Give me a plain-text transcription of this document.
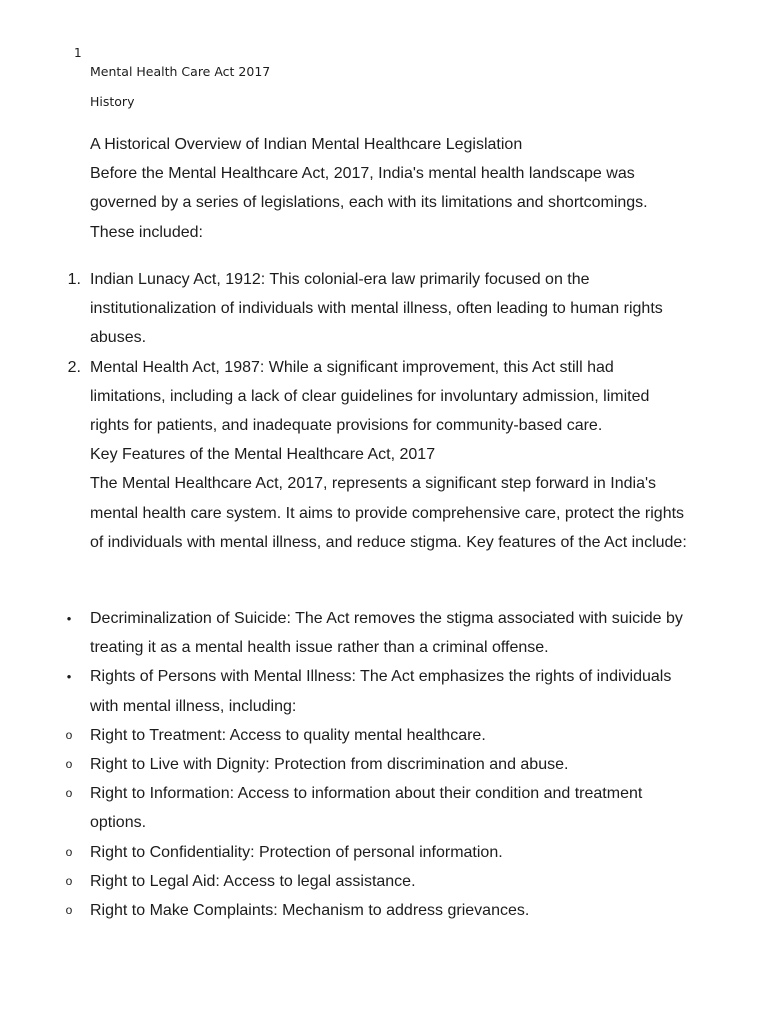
1
Mental Health Care Act 2017
History

A Historical Overview of Indian Mental Healthcare Legislation

Before the Mental Healthcare Act, 2017, India's mental health landscape was governed by a series of legislations, each with its limitations and shortcomings. These included:

1. Indian Lunacy Act, 1912: This colonial-era law primarily focused on the institutionalization of individuals with mental illness, often leading to human rights abuses.
2. Mental Health Act, 1987: While a significant improvement, this Act still had limitations, including a lack of clear guidelines for involuntary admission, limited rights for patients, and inadequate provisions for community-based care.

Key Features of the Mental Healthcare Act, 2017

The Mental Healthcare Act, 2017, represents a significant step forward in India's mental health care system. It aims to provide comprehensive care, protect the rights of individuals with mental illness, and reduce stigma. Key features of the Act include:

• Decriminalization of Suicide: The Act removes the stigma associated with suicide by treating it as a mental health issue rather than a criminal offense.
• Rights of Persons with Mental Illness: The Act emphasizes the rights of individuals with mental illness, including:
o Right to Treatment: Access to quality mental healthcare.
o Right to Live with Dignity: Protection from discrimination and abuse.
o Right to Information: Access to information about their condition and treatment options.
o Right to Confidentiality: Protection of personal information.
o Right to Legal Aid: Access to legal assistance.
o Right to Make Complaints: Mechanism to address grievances.
